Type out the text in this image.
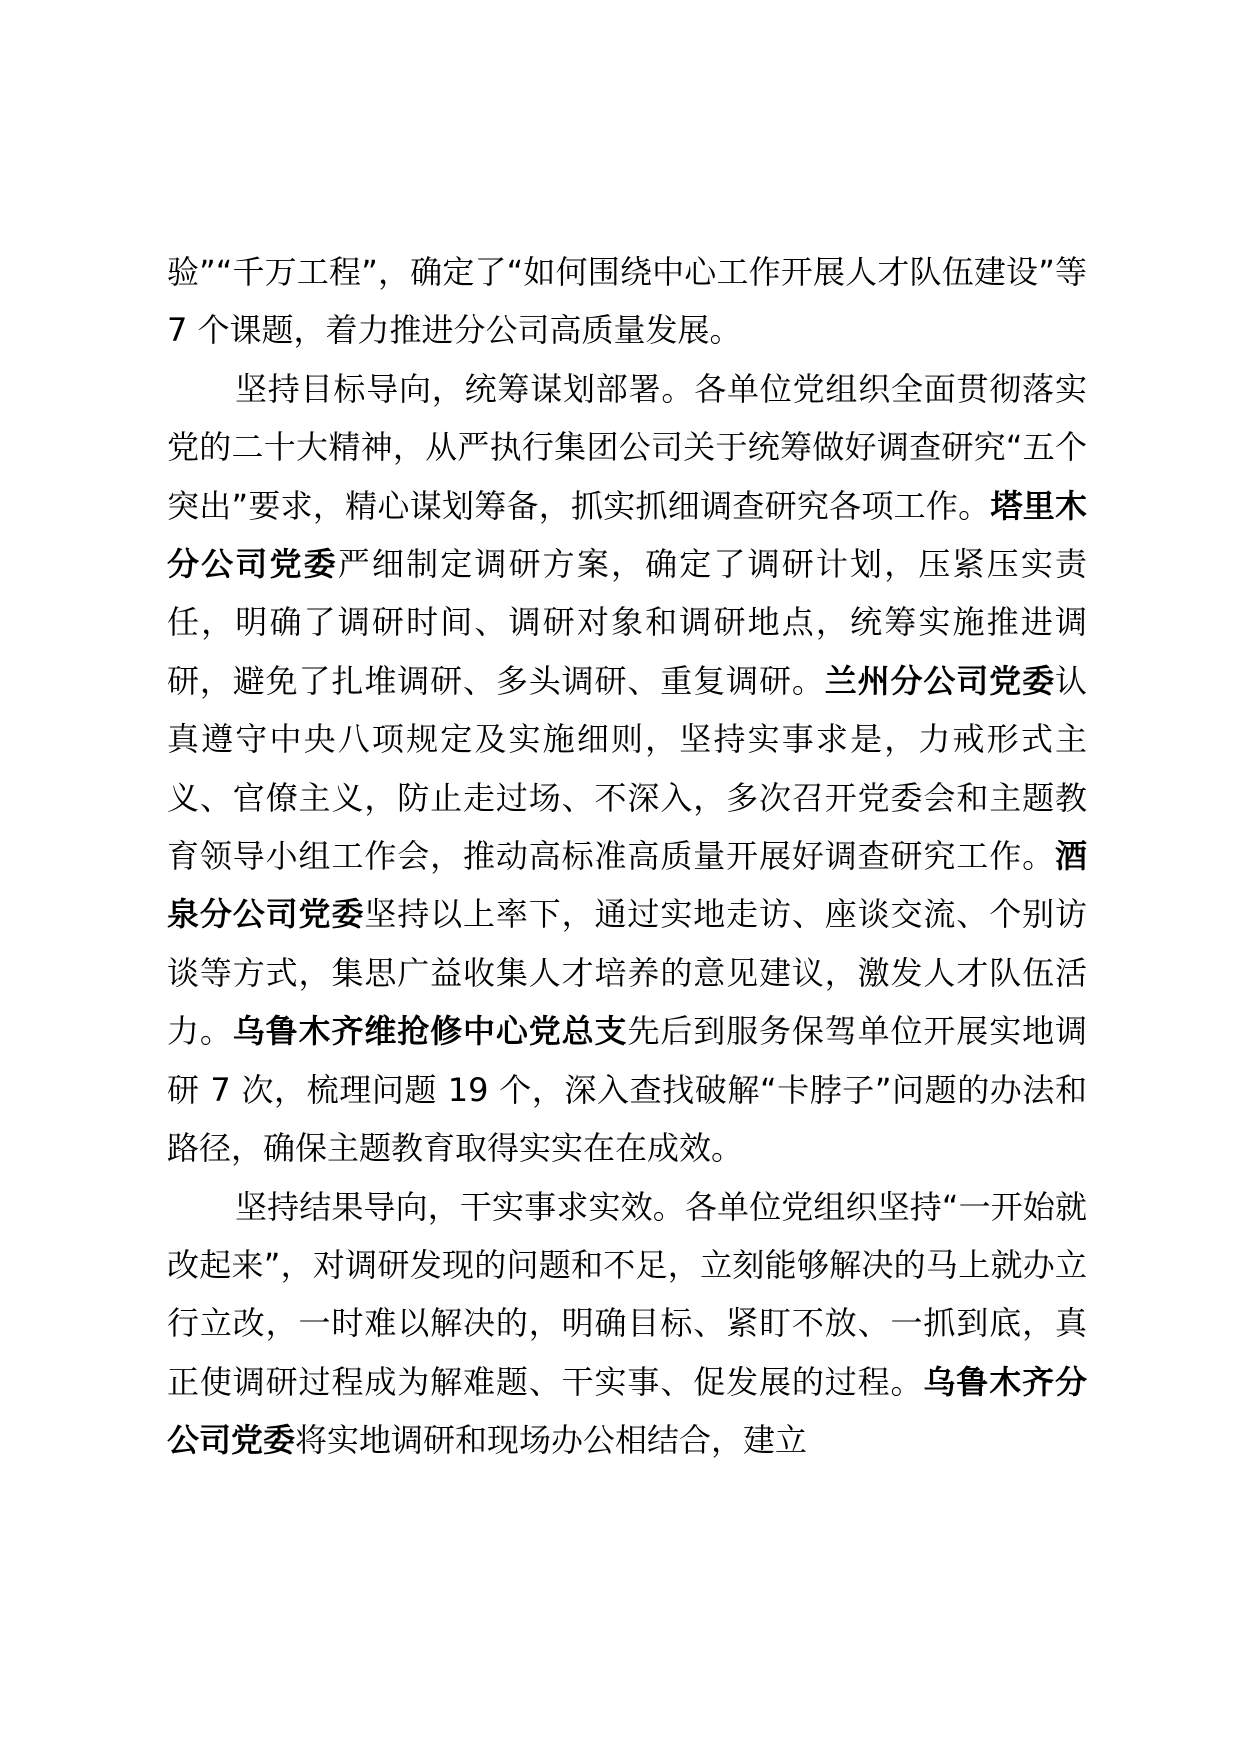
验”“千万工程”，确定了“如何围绕中心工作开展人才队伍建设”等 7 个课题，着力推进分公司高质量发展。

坚持目标导向，统筹谋划部署。各单位党组织全面贯彻落实党的二十大精神，从严执行集团公司关于统筹做好调查研究“五个突出”要求，精心谋划筹备，抓实抓细调查研究各项工作。塔里木分公司党委严细制定调研方案，确定了调研计划，压紧压实责任，明确了调研时间、调研对象和调研地点，统筹实施推进调研，避免了扎堆调研、多头调研、重复调研。兰州分公司党委认真遵守中央八项规定及实施细则，坚持实事求是，力戒形式主义、官僚主义，防止走过场、不深入，多次召开党委会和主题教育领导小组工作会，推动高标准高质量开展好调查研究工作。酒泉分公司党委坚持以上率下，通过实地走访、座谈交流、个别访谈等方式，集思广益收集人才培养的意见建议，激发人才队伍活力。乌鲁木齐维抢修中心党总支先后到服务保驾单位开展实地调研 7 次，梳理问题 19 个，深入查找破解“卡脖子”问题的办法和路径，确保主题教育取得实实在在成效。

坚持结果导向，干实事求实效。各单位党组织坚持“一开始就改起来”，对调研发现的问题和不足，立刻能够解决的马上就办立行立改，一时难以解决的，明确目标、紧盯不放、一抓到底，真正使调研过程成为解难题、干实事、促发展的过程。乌鲁木齐分公司党委将实地调研和现场办公相结合，建立
